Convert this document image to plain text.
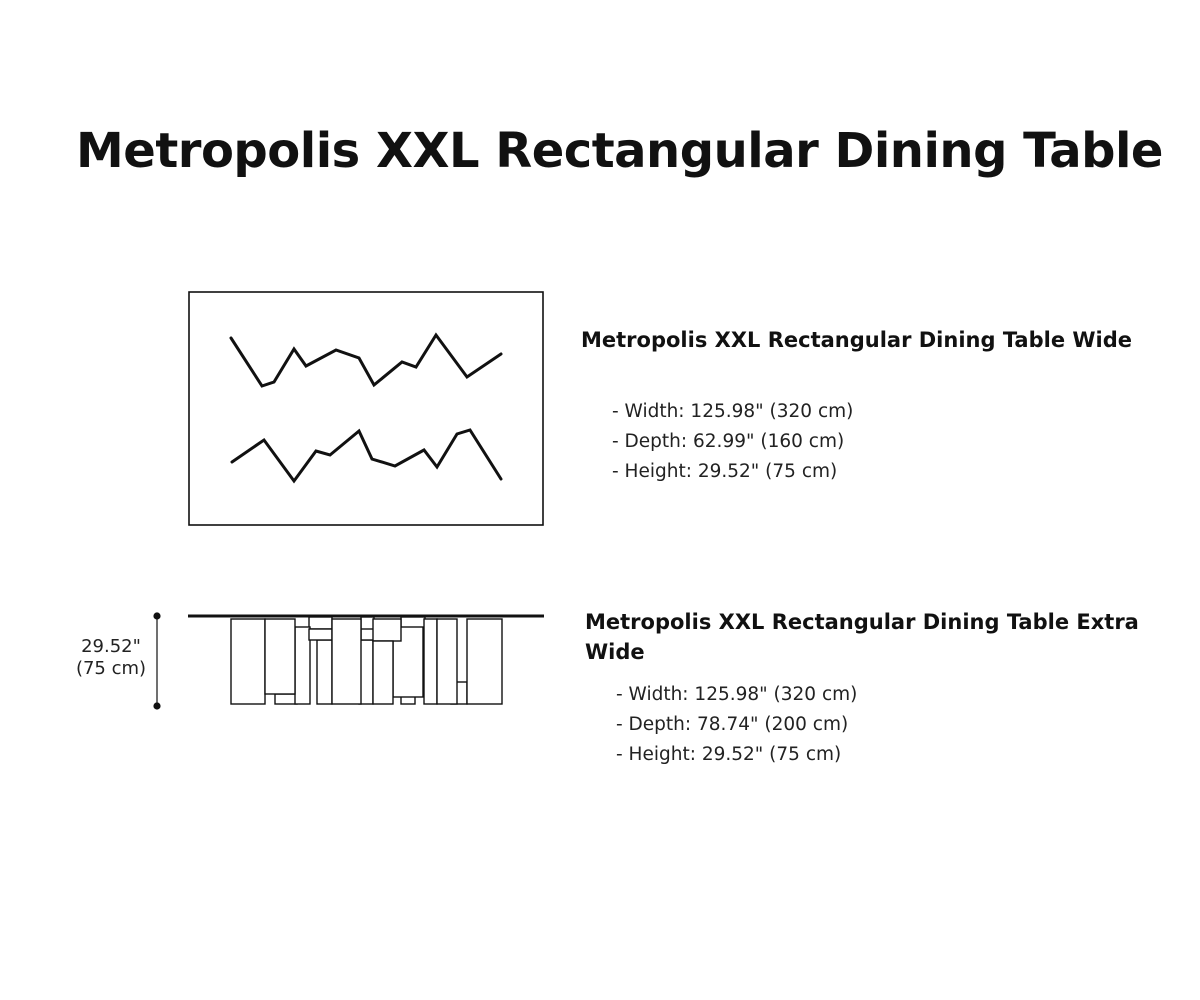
Metropolis XXL Rectangular Dining Table
29.52"
(75 cm)
Metropolis XXL Rectangular Dining Table Wide
- Width: 125.98" (320 cm)
- Depth: 62.99" (160 cm)
- Height: 29.52" (75 cm)
Metropolis XXL Rectangular Dining Table Extra Wide
- Width: 125.98" (320 cm)
- Depth: 78.74" (200 cm)
- Height: 29.52" (75 cm)
